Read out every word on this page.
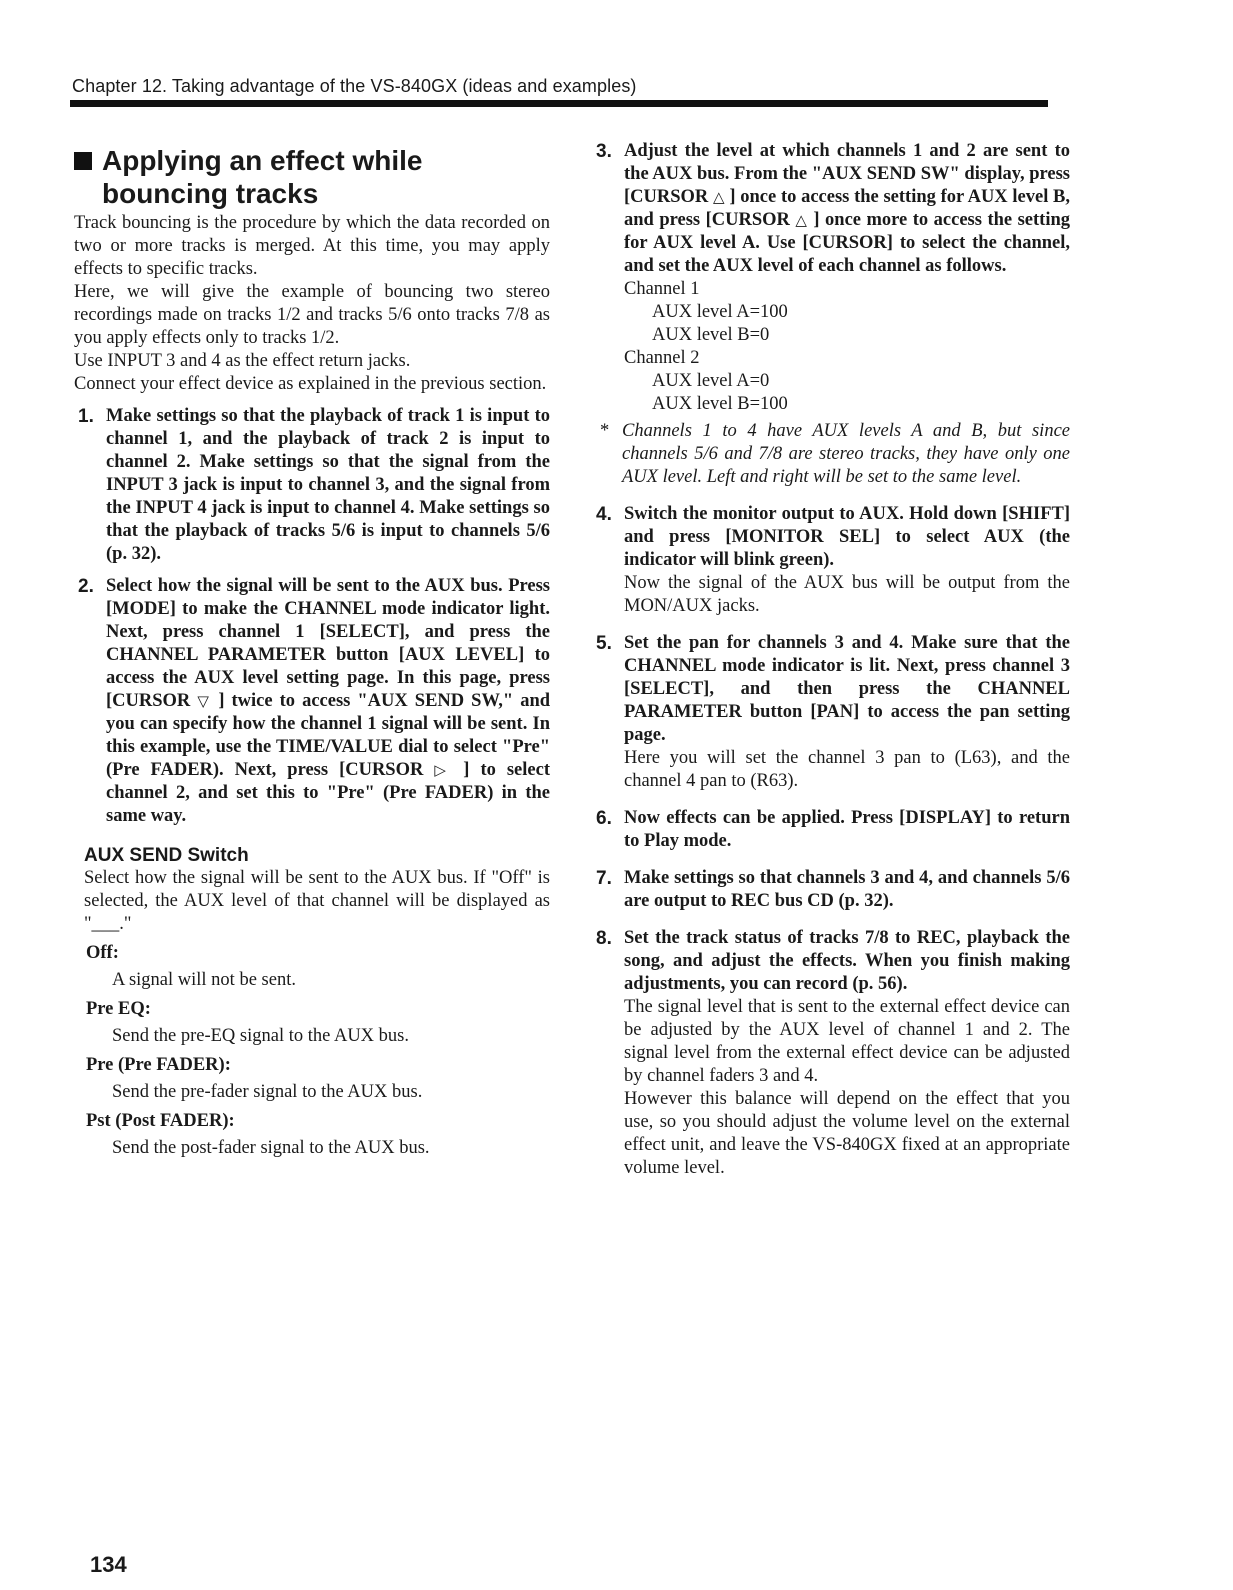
Chapter 12. Taking advantage of the VS-840GX (ideas and examples)
Applying an effect while
bouncing tracks

Track bouncing is the procedure by which the data recorded on two or more tracks is merged. At this time, you may apply effects to specific tracks.

Here, we will give the example of bouncing two stereo recordings made on tracks 1/2 and tracks 5/6 onto tracks 7/8 as you apply effects only to tracks 1/2.

Use INPUT 3 and 4 as the effect return jacks.

Connect your effect device as explained in the previous section.

1. Make settings so that the playback of track 1 is input to channel 1, and the playback of track 2 is input to channel 2. Make settings so that the signal from the INPUT 3 jack is input to channel 3, and the signal from the INPUT 4 jack is input to channel 4. Make settings so that the playback of tracks 5/6 is input to channels 5/6 (p. 32).

2. Select how the signal will be sent to the AUX bus. Press [MODE] to make the CHANNEL mode indicator light. Next, press channel 1 [SELECT], and press the CHANNEL PARAMETER button [AUX LEVEL] to access the AUX level setting page. In this page, press [CURSOR ▽ ] twice to access "AUX SEND SW," and you can specify how the channel 1 signal will be sent. In this example, use the TIME/VALUE dial to select "Pre" (Pre FADER). Next, press [CURSOR ▷ ] to select channel 2, and set this to "Pre" (Pre FADER) in the same way.

AUX SEND Switch

Select how the signal will be sent to the AUX bus. If "Off" is selected, the AUX level of that channel will be displayed as "___."

Off:
A signal will not be sent.
Pre EQ:
Send the pre-EQ signal to the AUX bus.
Pre (Pre FADER):
Send the pre-fader signal to the AUX bus.
Pst (Post FADER):
Send the post-fader signal to the AUX bus.
3. Adjust the level at which channels 1 and 2 are sent to the AUX bus. From the "AUX SEND SW" display, press [CURSOR △ ] once to access the setting for AUX level B, and press [CURSOR △ ] once more to access the setting for AUX level A. Use [CURSOR] to select the channel, and set the AUX level of each channel as follows.

Channel 1
AUX level A=100
AUX level B=0
Channel 2
AUX level A=0
AUX level B=100
* Channels 1 to 4 have AUX levels A and B, but since channels 5/6 and 7/8 are stereo tracks, they have only one AUX level. Left and right will be set to the same level.
4. Switch the monitor output to AUX. Hold down [SHIFT] and press [MONITOR SEL] to select AUX (the indicator will blink green).

Now the signal of the AUX bus will be output from the MON/AUX jacks.

5. Set the pan for channels 3 and 4. Make sure that the CHANNEL mode indicator is lit. Next, press channel 3 [SELECT], and then press the CHANNEL PARAMETER button [PAN] to access the pan setting page.

Here you will set the channel 3 pan to (L63), and the channel 4 pan to (R63).

6. Now effects can be applied. Press [DISPLAY] to return to Play mode.

7. Make settings so that channels 3 and 4, and channels 5/6 are output to REC bus CD (p. 32).

8. Set the track status of tracks 7/8 to REC, playback the song, and adjust the effects. When you finish making adjustments, you can record (p. 56).

The signal level that is sent to the external effect device can be adjusted by the AUX level of channel 1 and 2. The signal level from the external effect device can be adjusted by channel faders 3 and 4.

However this balance will depend on the effect that you use, so you should adjust the volume level on the external effect unit, and leave the VS-840GX fixed at an appropriate volume level.

134
